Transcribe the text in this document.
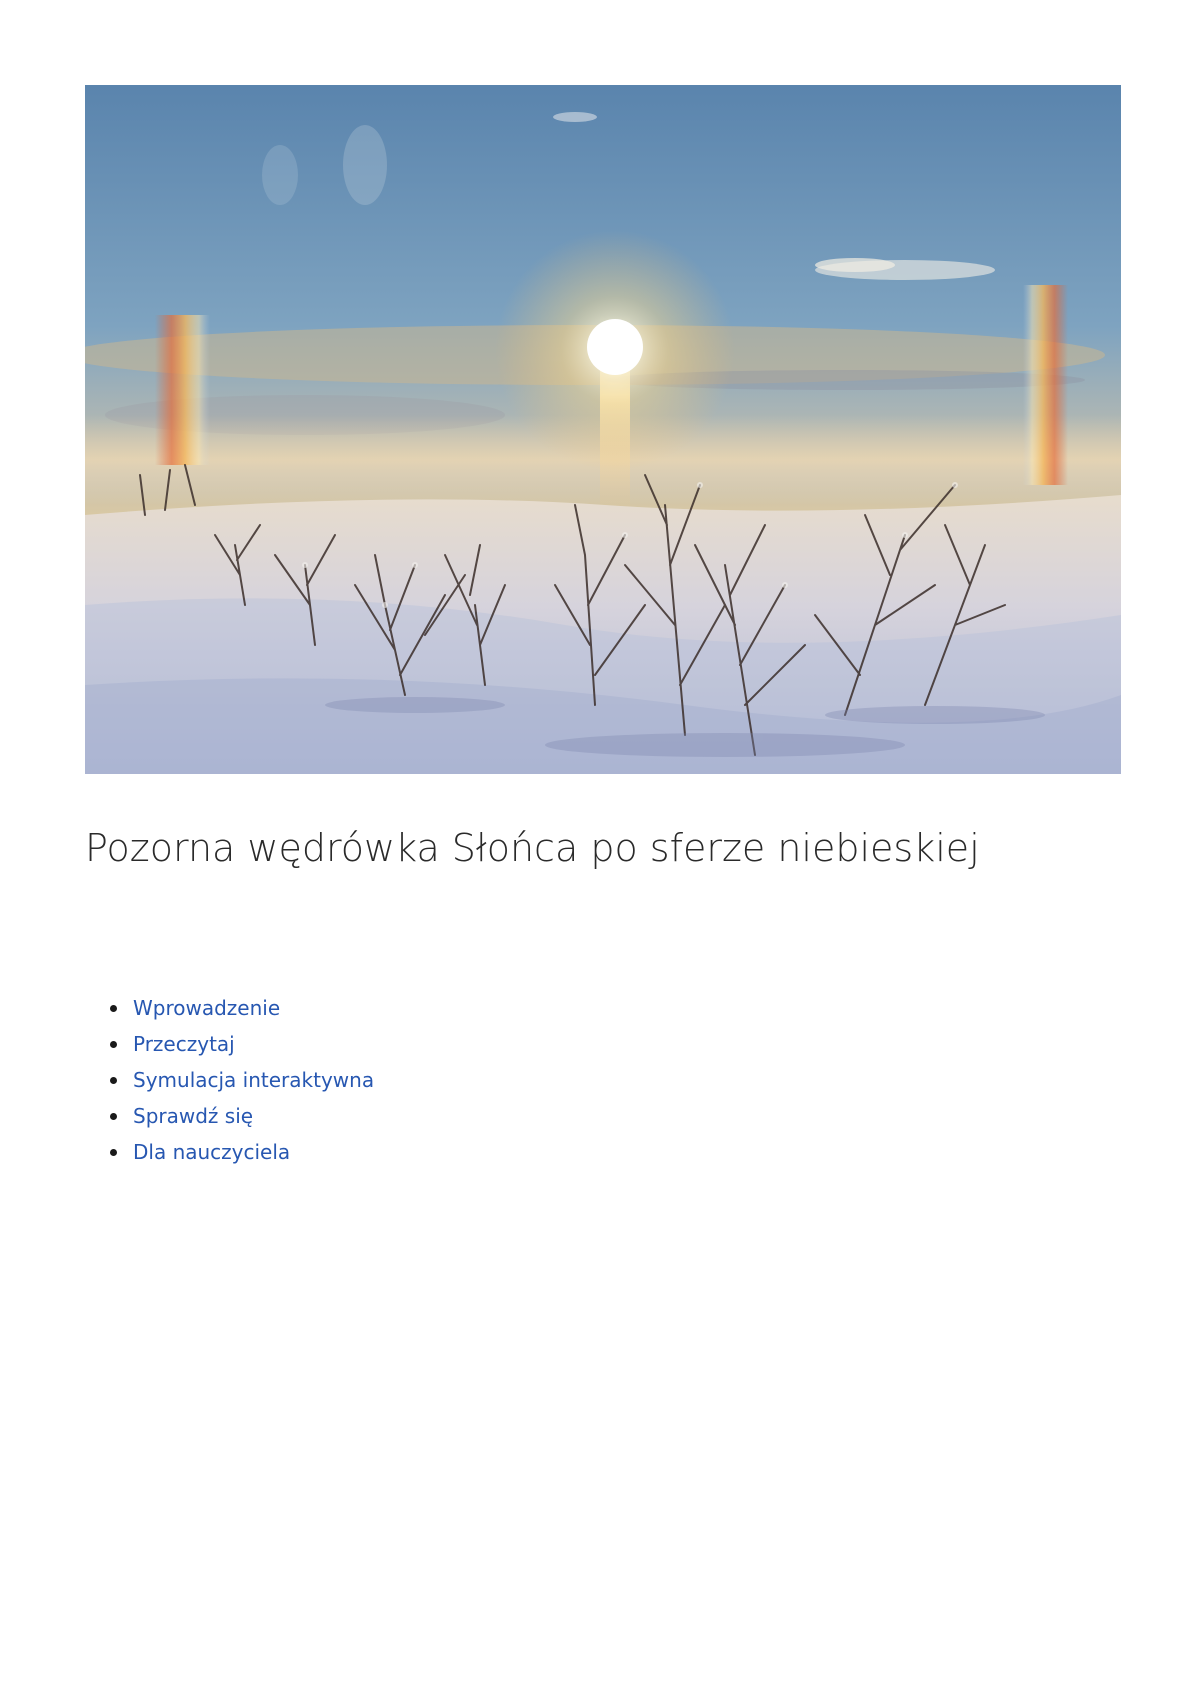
Pozorna wędrówka Słońca po sferze niebieskiej
Wprowadzenie
Przeczytaj
Symulacja interaktywna
Sprawdź się
Dla nauczyciela
